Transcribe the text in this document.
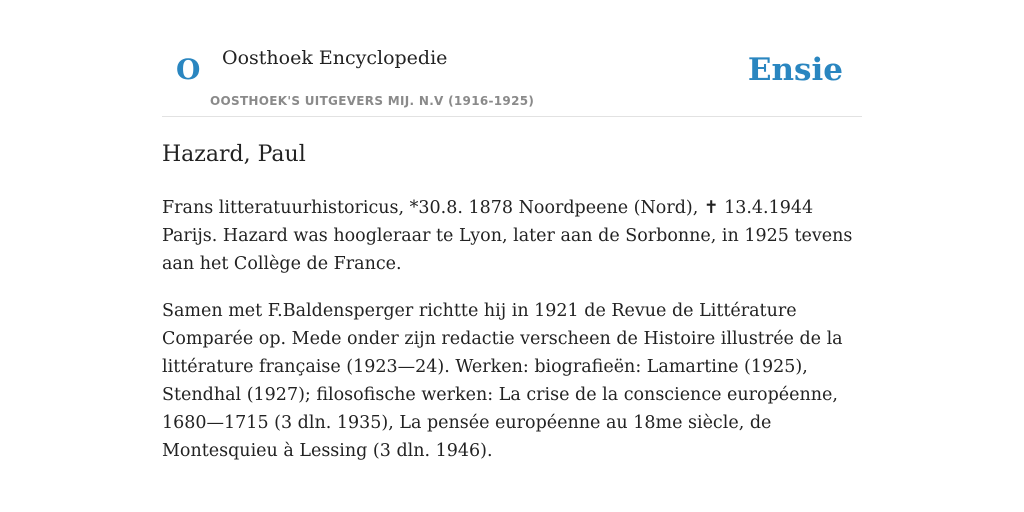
O Oosthoek Encyclopedie
OOSTHOEK'S UITGEVERS MIJ. N.V (1916-1925)
Ensie
Hazard, Paul

Frans litteratuurhistoricus, *30.8. 1878 Noordpeene (Nord), ✝ 13.4.1944 Parijs. Hazard was hoogleraar te Lyon, later aan de Sorbonne, in 1925 tevens aan het Collège de France.

Samen met F.Baldensperger richtte hij in 1921 de Revue de Littérature Comparée op. Mede onder zijn redactie verscheen de Histoire illustrée de la littérature française (1923—24). Werken: biografieën: Lamartine (1925), Stendhal (1927); filosofische werken: La crise de la conscience européenne, 1680—1715 (3 dln. 1935), La pensée européenne au 18me siècle, de Montesquieu à Lessing (3 dln. 1946).
